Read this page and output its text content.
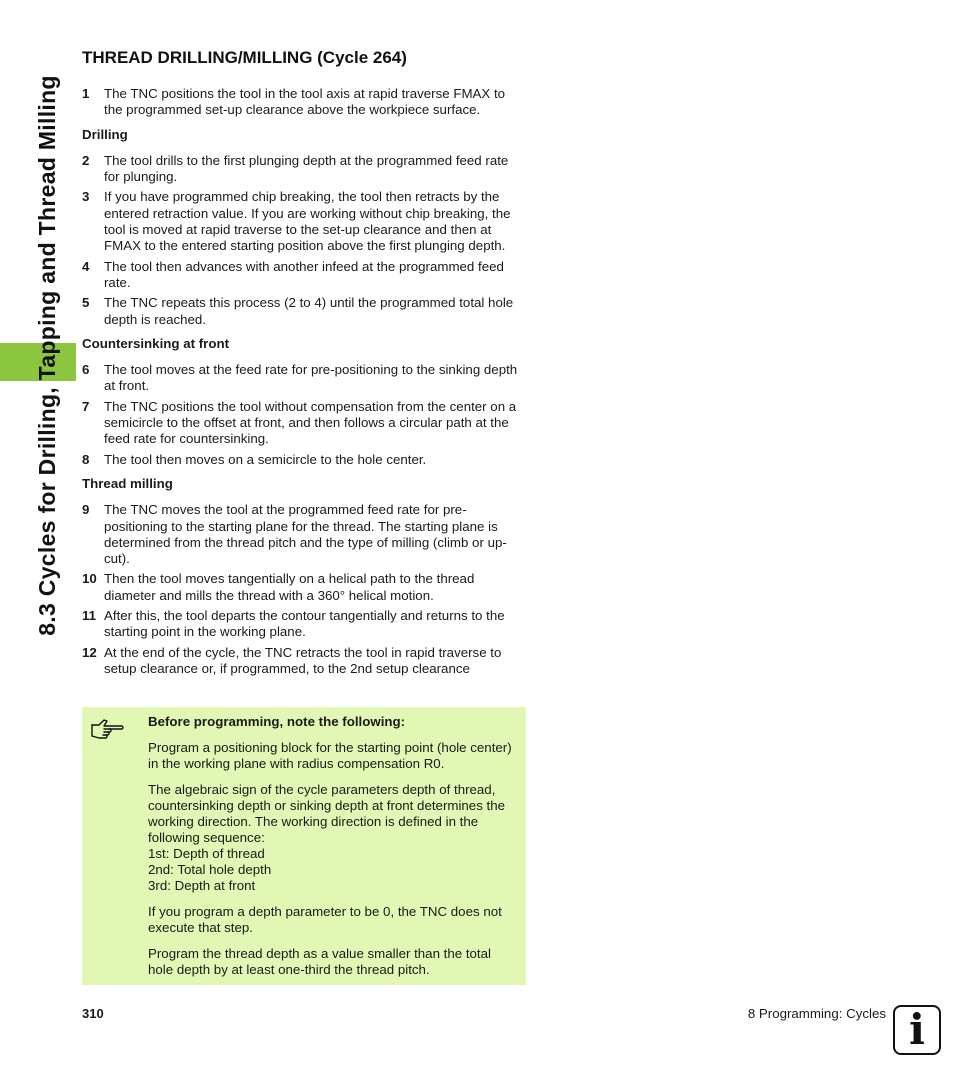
8.3 Cycles for Drilling, Tapping and Thread Milling
THREAD DRILLING/MILLING (Cycle 264)
1	The TNC positions the tool in the tool axis at rapid traverse FMAX to the programmed set-up clearance above the workpiece surface.
Drilling
2	The tool drills to the first plunging depth at the programmed feed rate for plunging.
3	If you have programmed chip breaking, the tool then retracts by the entered retraction value. If you are working without chip breaking, the tool is moved at rapid traverse to the set-up clearance and then at FMAX to the entered starting position above the first plunging depth.
4	The tool then advances with another infeed at the programmed feed rate.
5	The TNC repeats this process (2 to 4) until the programmed total hole depth is reached.
Countersinking at front
6	The tool moves at the feed rate for pre-positioning to the sinking depth at front.
7	The TNC positions the tool without compensation from the center on a semicircle to the offset at front, and then follows a circular path at the feed rate for countersinking.
8	The tool then moves on a semicircle to the hole center.
Thread milling
9	The TNC moves the tool at the programmed feed rate for pre-positioning to the starting plane for the thread. The starting plane is determined from the thread pitch and the type of milling (climb or up-cut).
10 Then the tool moves tangentially on a helical path to the thread diameter and mills the thread with a 360° helical motion.
11 After this, the tool departs the contour tangentially and returns to the starting point in the working plane.
12 At the end of the cycle, the TNC retracts the tool in rapid traverse to setup clearance or, if programmed, to the 2nd setup clearance
Before programming, note the following:
Program a positioning block for the starting point (hole center) in the working plane with radius compensation R0.
The algebraic sign of the cycle parameters depth of thread, countersinking depth or sinking depth at front determines the working direction. The working direction is defined in the following sequence:
1st: Depth of thread
2nd: Total hole depth
3rd: Depth at front
If you program a depth parameter to be 0, the TNC does not execute that step.
Program the thread depth as a value smaller than the total hole depth by at least one-third the thread pitch.
310	8 Programming: Cycles i
